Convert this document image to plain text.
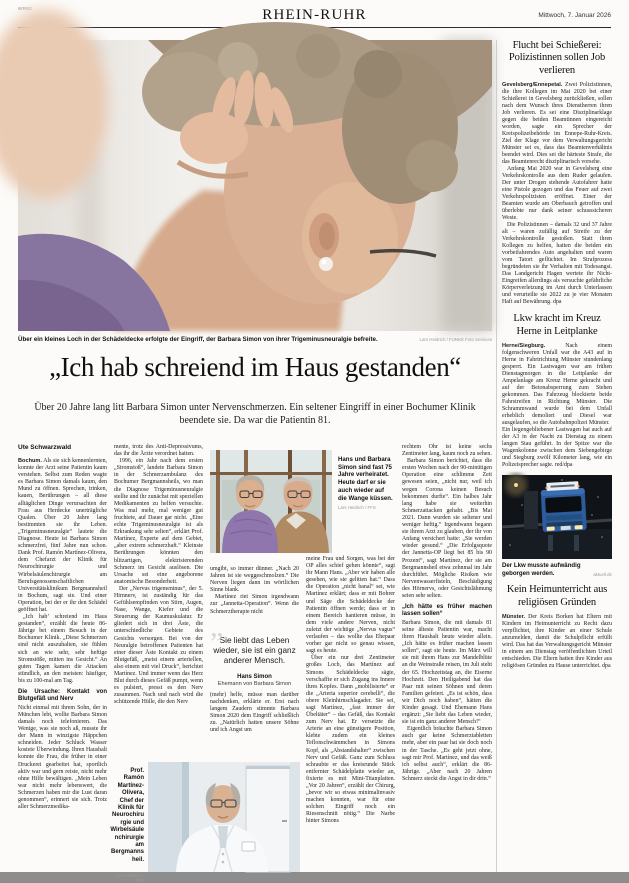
WR62	RHEIN-RUHR	Mittwoch, 7. Januar 2026
Über ein kleines Loch in der Schädeldecke erfolgte der Eingriff, der Barbara Simon von ihrer Trigeminusneuralgie befreite.	Lars Heidrich / FUNKE Foto Services
„Ich hab schreiend im Haus gestanden“
Über 20 Jahre lang litt Barbara Simon unter Nervenschmerzen. Ein seltener Eingriff in einer Bochumer Klinik beendete sie. Da war die Patientin 81.
Ute Schwarzwald

Bochum. Als sie sich kennenlernten, konnte der Arzt seine Patientin kaum verstehen. Selbst zum Reden wagte es Barbara Simon damals kaum, den Mund zu öffnen. Sprechen, trinken, kauen, Berührungen – all diese alltäglichen Dinge verursachten der Frau aus Herdecke unerträgliche Qualen. Über 20 Jahre lang bestimmten sie ihr Leben. „Trigeminusneuralgie“ lautete die Diagnose. Heute ist Barbara Simon schmerzfrei, fünf Jahre nun schon. Dank Prof. Ramón Martínez-Olivera, dem Chefarzt der Klinik für Neurochirurgie und Wirbelsäulenchirurgie am Berufsgenossenschaftlichen Universitätsklinikum Bergmannsheil in Bochum, sagt sie. Und einer Operation, bei der er ihr den Schädel geöffnet hat.

„Ich hab’ schreiend im Haus gestanden“, erzählt die heute 86-Jährige bei einem Besuch in der Bochumer Klinik. „Diese Schmerzen sind nicht auszuhalten, sie fühlen sich an wie sehr, sehr heftige Stromstöße, mitten ins Gesicht.“ An guten Tagen kamen die Attacken stündlich, an den meisten: häufiger, bis zu 100-mal am Tag.

Die Ursache: Kontakt von Blutgefäß und Nerv

Nicht einmal mit ihrem Sohn, der in München lebt, wollte Barbara Simon damals noch telefonieren. Das Wenige, was sie noch aß, musste ihr der Mann in winzigste Häppchen schneiden. Jeder Schluck Wasser kostete Überwindung. Ihren Haushalt konnte die Frau, die früher in einer Druckerei gearbeitet hat, sportlich aktiv war und gern reiste, nicht mehr ohne Hilfe bewältigen. „Mein Leben war nicht mehr lebenswert, die Schmerzen haben mir die Lust daran genommen“, erinnert sie sich. Trotz aller Schmerzmedika-

mente, trotz des Anti-Depressivums, das ihr die Ärzte verordnet hatten.

1996, ein Jahr nach dem ersten „Stromstoß“, landete Barbara Simon in der Schmerzambulanz des Bochumer Bergmannsheils, wo man die Diagnose Trigeminusneuralgie stellte und ihr zunächst mit speziellen Medikamenten zu helfen versuchte. Was mal mehr, mal weniger gut fruchtete, auf Dauer gar nicht. „Eine echte Trigeminusneuralgie ist als Erkrankung sehr selten“, erklärt Prof. Martínez, Experte auf dem Gebiet, „aber extrem schmerzhaft.“ Kleinste Berührungen könnten den blitzartigen, elektrisierenden Schmerz im Gesicht auslösen. Die Ursache sei eine angeborene anatomische Besonderheit.

Der „Nervus trigemeninus“, der 5. Hirnnerv, ist zuständig für das Gefühlsempfinden von Stirn, Augen, Nase, Wange, Kiefer und die Steuerung der Kaumuskulatur. Er gliedert sich in drei Äste, die unterschiedliche Gebiete des Gesichts versorgen. Bei von der Neuralgie betroffenen Patienten hat einer dieser Äste Kontakt zu einem Blutgefäß, „meist einem arteriellen, also einem mit viel Druck“, berichtet Martínez. Und immer wenn das Herz Blut durch dieses Gefäß pumpt, wenn es pulsiert, presst es den Nerv zusammen. Nach und nach wird die schützende Hülle, die den Nerv

Hans und Barbara Simon sind fast 75 Jahre verheiratet. Heute darf er sie auch wieder auf die Wange küssen.
Lars Heidrich / FFS

umgibt, so immer dünner. „Nach 20 Jahren ist sie weggeschmolzen.“ Die Nerven liegen dann im wörtlichen Sinne blank.

Martínez riet Simon irgendwann zur „Jannetta-Operation“. Wenn die Schmerztherapie nicht

„
Sie liebt das Leben wieder, sie ist ein ganz anderer Mensch.
Hans Simon
Ehemann von Barbara Simon

(mehr) helfe, müsse man darüber nachdenken, erklärte er. Erst nach langem Zaudern stimmte Barbara Simon 2020 dem Eingriff schließlich zu. „Natürlich hatten unsere Söhne und ich Angst um

meine Frau und Sorgen, was bei der OP alles schief gehen könnte“, sagt ihr Mann Hans. „Aber wir haben alle gesehen, wie sie gelitten hat.“ Dass die Operation „nicht banal“ sei, wie Martínez erklärt; dass er mit Bohrer und Säge die Schädeldecke der Patientin öffnen werde; dass er in einem Bereich hantieren müsse, in dem viele andere Nerven, nicht zuletzt der wichtige „Nervus vagus“ verlaufen – das wollte das Ehepaar vorher gar nicht so genau wissen, sagt es heute.

Über ein nur drei Zentimeter großes Loch, das Martínez auf Simons Schädeldecke sägte, verschaffte er sich Zugang ins Innere ihres Kopfes. Dann „mobilisierte“ er die „Arteria superior cerebelli“, die obere Kleinhirnschlagader. Sie sei, sagt Martínez, „fast immer der Übeltäter“ – das Gefäß, das Kontakt zum Nerv hat. Er versetzte die Arterie an eine günstigere Position, klebte zudem ein kleines Teflonschwämmchen in Simons Kopf, als „Abstandshalter“ zwischen Nerv und Gefäß. Ganz zum Schluss schraubte er das kreisrunde Stück entfernter Schädelplatte wieder an, fixierte es mit Mini-Titanplatten. „Vor 20 Jahren“, erzählt der Chirurg, „bevor wir so etwas minimalinvasiv machen konnten, war für eine solchen Eingriff noch ein Riesenschnitt nötig.“ Die Narbe hinter Simons

rechtem Ohr ist keine sechs Zentimeter lang, kaum noch zu sehen.

Barbara Simon berichtet, dass die ersten Wochen nach der 90-minütigen Operation eine schlimme Zeit gewesen seien, „nicht nur, weil ich wegen Corona keinen Besuch bekommen durfte“. Ein halbes Jahr lang habe sie weiterhin Schmerzattacken gehabt. „Bis Mai 2021. Dann wurden sie seltener und weniger heftig.“ Irgendwann begann sie ihrem Arzt zu glauben, der ihr von Anfang versichert hatte: „Sie werden wieder gesund.“ „Die Erfolgsquote der Jannetta-OP liegt bei 85 bis 90 Prozent“, sagt Martínez, der sie am Bergmannsheil etwa zehnmal im Jahr durchführt. Mögliche Risiken wie Nervenwasserfisteln, Beschädigung des Hörnervs, oder Gesichtslähmung seien sehr selten.

„Ich hätte es früher machen lassen sollen“

Barbara Simon, die mit damals 81 seine älteste Patientin war, macht ihren Haushalt heute wieder allein. „Ich hätte es früher machen lassen sollen“, sagt sie heute. Im März will sie mit ihrem Hans zur Mandelblüte an die Weinstraße reisen, im Juli steht der 65. Hochzeitstag an, die Eiserne Hochzeit. Den Heiligabend hat das Paar mit seinen Söhnen und deren Familien gefeiert. „Es ist schön, dass wir Dich noch haben“, hätten die Kinder gesagt. Und Ehemann Hans ergänzt: „Sie liebt das Leben wieder, sie ist ein ganz anderer Mensch!“

Eigentlich bräuchte Barbara Simon auch gar keine Schmerztabletten mehr, aber ein paar hat sie doch noch in der Tasche. „Es geht jetzt ohne, sagt mir Prof. Martínez, und das weiß ich selbst auch“, erklärt die 86-Jährige. „Aber nach 20 Jahren Schmerz steckt die Angst in dir drin.“

Prof. Ramón Martínez-Olivera, Chef der Klinik für Neurochirurgie und Wirbelsäulenchirurgie am Bergmannsheil.
Lars Heidrich / FFS
Flucht bei Schießerei: Polizistinnen sollen Job verlieren

Gevelsberg/Ennepetal. Zwei Polizistinnen, die ihre Kollegen im Mai 2020 bei einer Schießerei in Gevelsberg zurückließen, sollen nach dem Wunsch ihres Dienstherren ihren Job verlieren. Es sei eine Disziplinarklage gegen die beiden Beamtinnen eingereicht worden, sagte ein Sprecher der Kreispolizeibehörde im Ennepe-Ruhr-Kreis. Ziel der Klage vor dem Verwaltungsgericht Münster sei es, dass das Beamtenverhältnis beendet wird. Dies sei die härteste Strafe, die das Beamtenrecht disziplinarisch vorsehe.

Anfang Mai 2020 war in Gevelsberg eine Verkehrskontrolle aus dem Ruder gelaufen. Der unter Drogen stehende Autofahrer hatte eine Pistole gezogen und das Feuer auf zwei Verkehrspolizisten eröffnet. Einer der Beamten wurde am Oberbauch getroffen und überlebte nur dank seiner schusssicheren Weste.

Die Polizistinnen – damals 32 und 37 Jahre alt – waren zufällig auf Streife zu der Verkehrskontrolle gestoßen. Statt ihren Kollegen zu helfen, hatten die beiden ein vorbeifahrendes Auto angehalten und waren vom Tatort geflüchtet. Im Strafprozess begründeten sie ihr Verhalten mit Todesangst. Das Landgericht Hagen wertete ihr Nicht-Eingreifen allerdings als versuchte gefährliche Körperverletzung im Amt durch Unterlassen und verurteilte sie 2022 zu je vier Monaten Haft auf Bewährung. dpa

Lkw kracht im Kreuz Herne in Leitplanke

Herne/Siegburg. Nach einem folgenschweren Unfall war die A43 auf in Herne in Fahrtrichtung Münster stundenlang gesperrt. Ein Lastwagen war am frühen Dienstagmorgen in die Leitplanke der Ampelanlage am Kreuz Herne gekracht und auf der Betonabsperrung zum Stehen gekommen. Das Fahrzeug blockierte beide Fahrstreifen in Richtung Münster. Die Schrammwand wurde bei dem Unfall erheblich demoliert und Diesel war ausgelaufen, so die Autobahnpolizei Münster.

Ein liegengebliebener Lastwagen hat auch auf der A3 in der Nacht zu Dienstag zu einem langen Stau geführt. In der Spitze war die Wagenkolonne zwischen dem Siebengebirge und Siegburg zwölf Kilometer lang, wie ein Polizeisprecher sagte. red/dpa

Der Lkw musste aufwändig geborgen werden.	aktuell.de
Kein Heimunterricht aus religiösen Gründen

Münster. Der Kreis Borken hat Eltern mit Kindern im Heimunterricht zu Recht dazu verpflichtet, ihre Kinder an einer Schule anzumelden, damit die Schulpflicht erfüllt wird. Das hat das Verwaltungsgericht Münster in einem am Dienstag veröffentlichten Urteil entschieden. Die Eltern hatten ihre Kinder aus religiösen Gründen zu Hause unterrichtet. dpa
